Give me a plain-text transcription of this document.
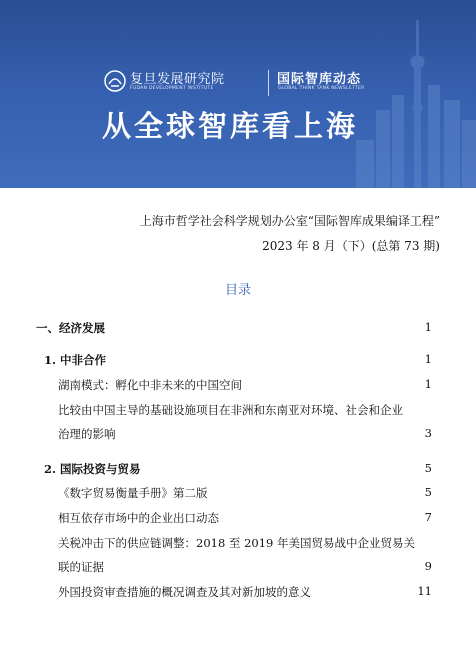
复旦发展研究院
FUDAN DEVELOPMENT INSTITUTE
国际智库动态
GLOBAL THINK TANK NEWSLETTER
从全球智库看上海
上海市哲学社会科学规划办公室“国际智库成果编译工程”
2023 年 8 月（下）(总第 73 期)
目录
一、经济发展	1
1. 中非合作	1
湖南模式：孵化中非未来的中国空间	1
比较由中国主导的基础设施项目在非洲和东南亚对环境、社会和企业
治理的影响	3
2. 国际投资与贸易	5
《数字贸易衡量手册》第二版	5
相互依存市场中的企业出口动态	7
关税冲击下的供应链调整：2018 至 2019 年美国贸易战中企业贸易关
联的证据	9
外国投资审查措施的概况调查及其对新加坡的意义	11
